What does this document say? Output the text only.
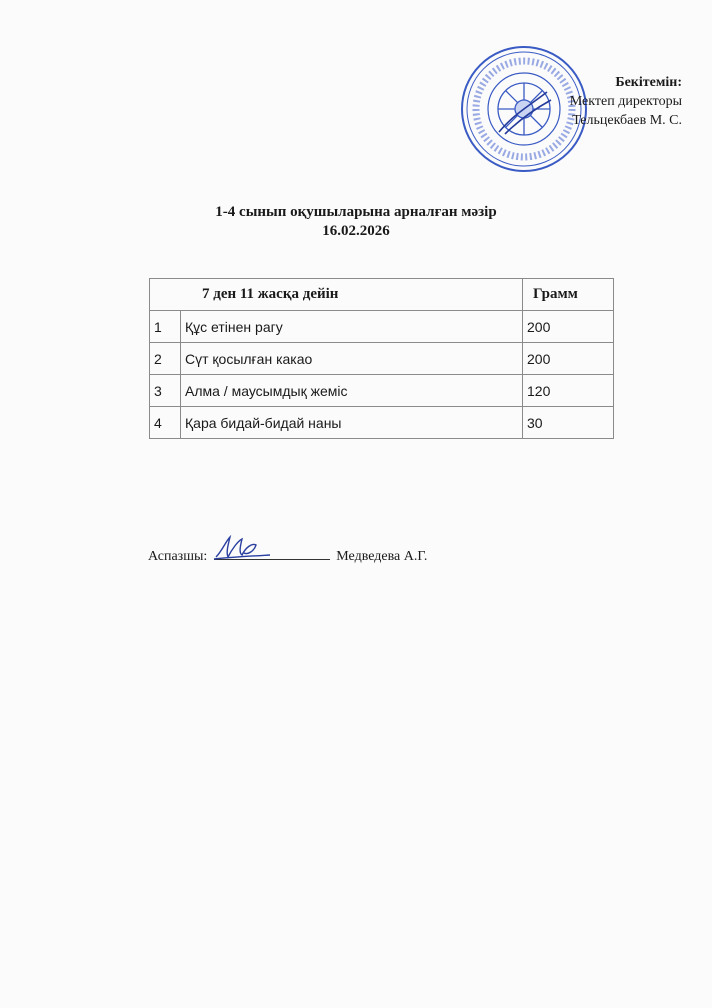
Бекітемін:
Мектеп директоры
Тельцекбаев М. С.
1-4 сынып оқушыларына арналған мәзір
16.02.2026
7 ден 11 жасқа дейін		Грамм
1	Құс етінен рагу	200
2	Сүт қосылған какао	200
3	Алма / маусымдық жеміс	120
4	Қара бидай-бидай наны	30
Аспазшы:	Медведева А.Г.
